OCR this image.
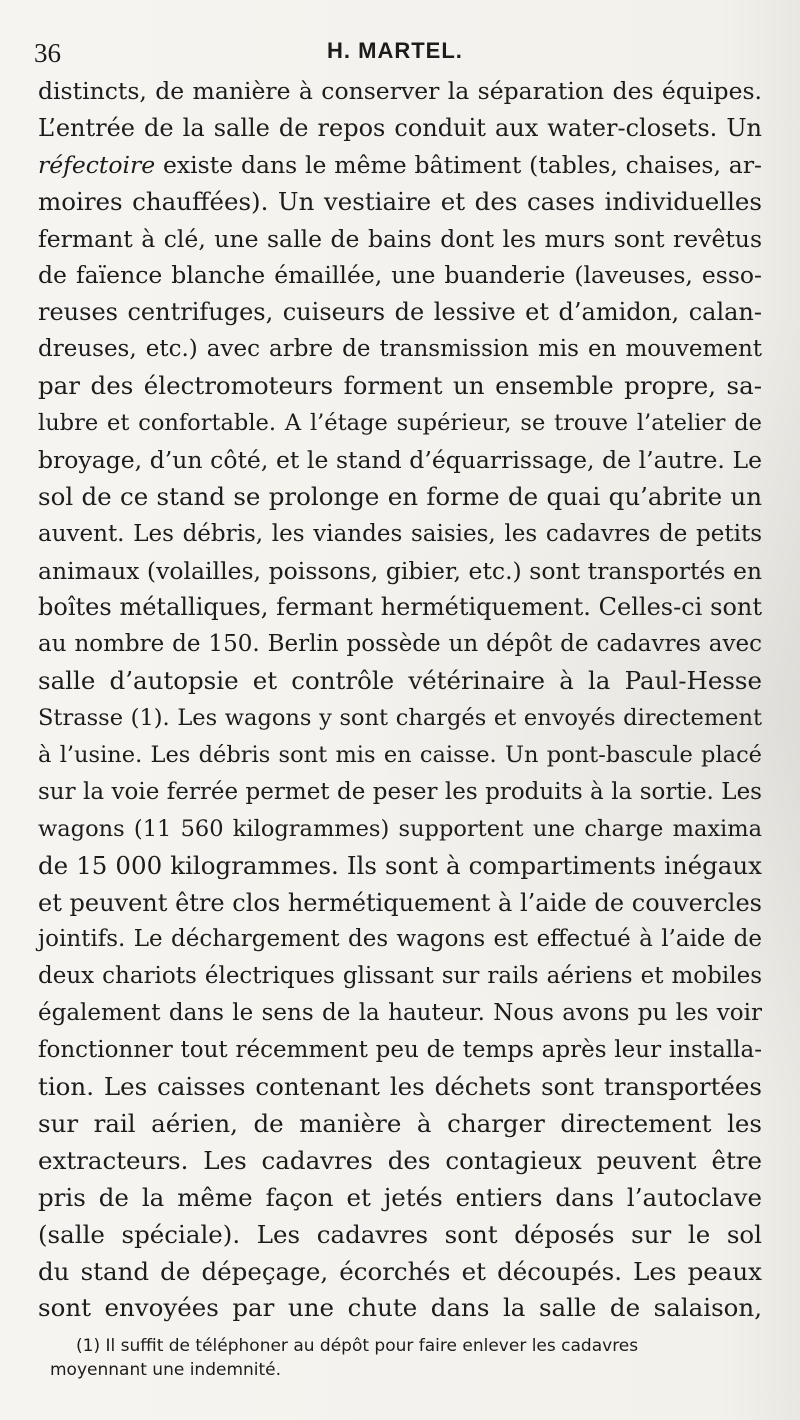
36	H. MARTEL.
distincts, de manière à conserver la séparation des équipes.
L’entrée de la salle de repos conduit aux water-closets. Un
réfectoire existe dans le même bâtiment (tables, chaises, ar-
moires chauffées). Un vestiaire et des cases individuelles
fermant à clé, une salle de bains dont les murs sont revêtus
de faïence blanche émaillée, une buanderie (laveuses, esso-
reuses centrifuges, cuiseurs de lessive et d’amidon, calan-
dreuses, etc.) avec arbre de transmission mis en mouvement
par des électromoteurs forment un ensemble propre, sa-
lubre et confortable. A l’étage supérieur, se trouve l’atelier de
broyage, d’un côté, et le stand d’équarrissage, de l’autre. Le
sol de ce stand se prolonge en forme de quai qu’abrite un
auvent. Les débris, les viandes saisies, les cadavres de petits
animaux (volailles, poissons, gibier, etc.) sont transportés en
boîtes métalliques, fermant hermétiquement. Celles-ci sont
au nombre de 150. Berlin possède un dépôt de cadavres avec
salle d’autopsie et contrôle vétérinaire à la Paul-Hesse
Strasse (1). Les wagons y sont chargés et envoyés directement
à l’usine. Les débris sont mis en caisse. Un pont-bascule placé
sur la voie ferrée permet de peser les produits à la sortie. Les
wagons (11 560 kilogrammes) supportent une charge maxima
de 15 000 kilogrammes. Ils sont à compartiments inégaux
et peuvent être clos hermétiquement à l’aide de couvercles
jointifs. Le déchargement des wagons est effectué à l’aide de
deux chariots électriques glissant sur rails aériens et mobiles
également dans le sens de la hauteur. Nous avons pu les voir
fonctionner tout récemment peu de temps après leur installa-
tion. Les caisses contenant les déchets sont transportées
sur rail aérien, de manière à charger directement les
extracteurs. Les cadavres des contagieux peuvent être
pris de la même façon et jetés entiers dans l’autoclave
(salle spéciale). Les cadavres sont déposés sur le sol
du stand de dépeçage, écorchés et découpés. Les peaux
sont envoyées par une chute dans la salle de salaison,
(1) Il suffit de téléphoner au dépôt pour faire enlever les cadavres
moyennant une indemnité.
